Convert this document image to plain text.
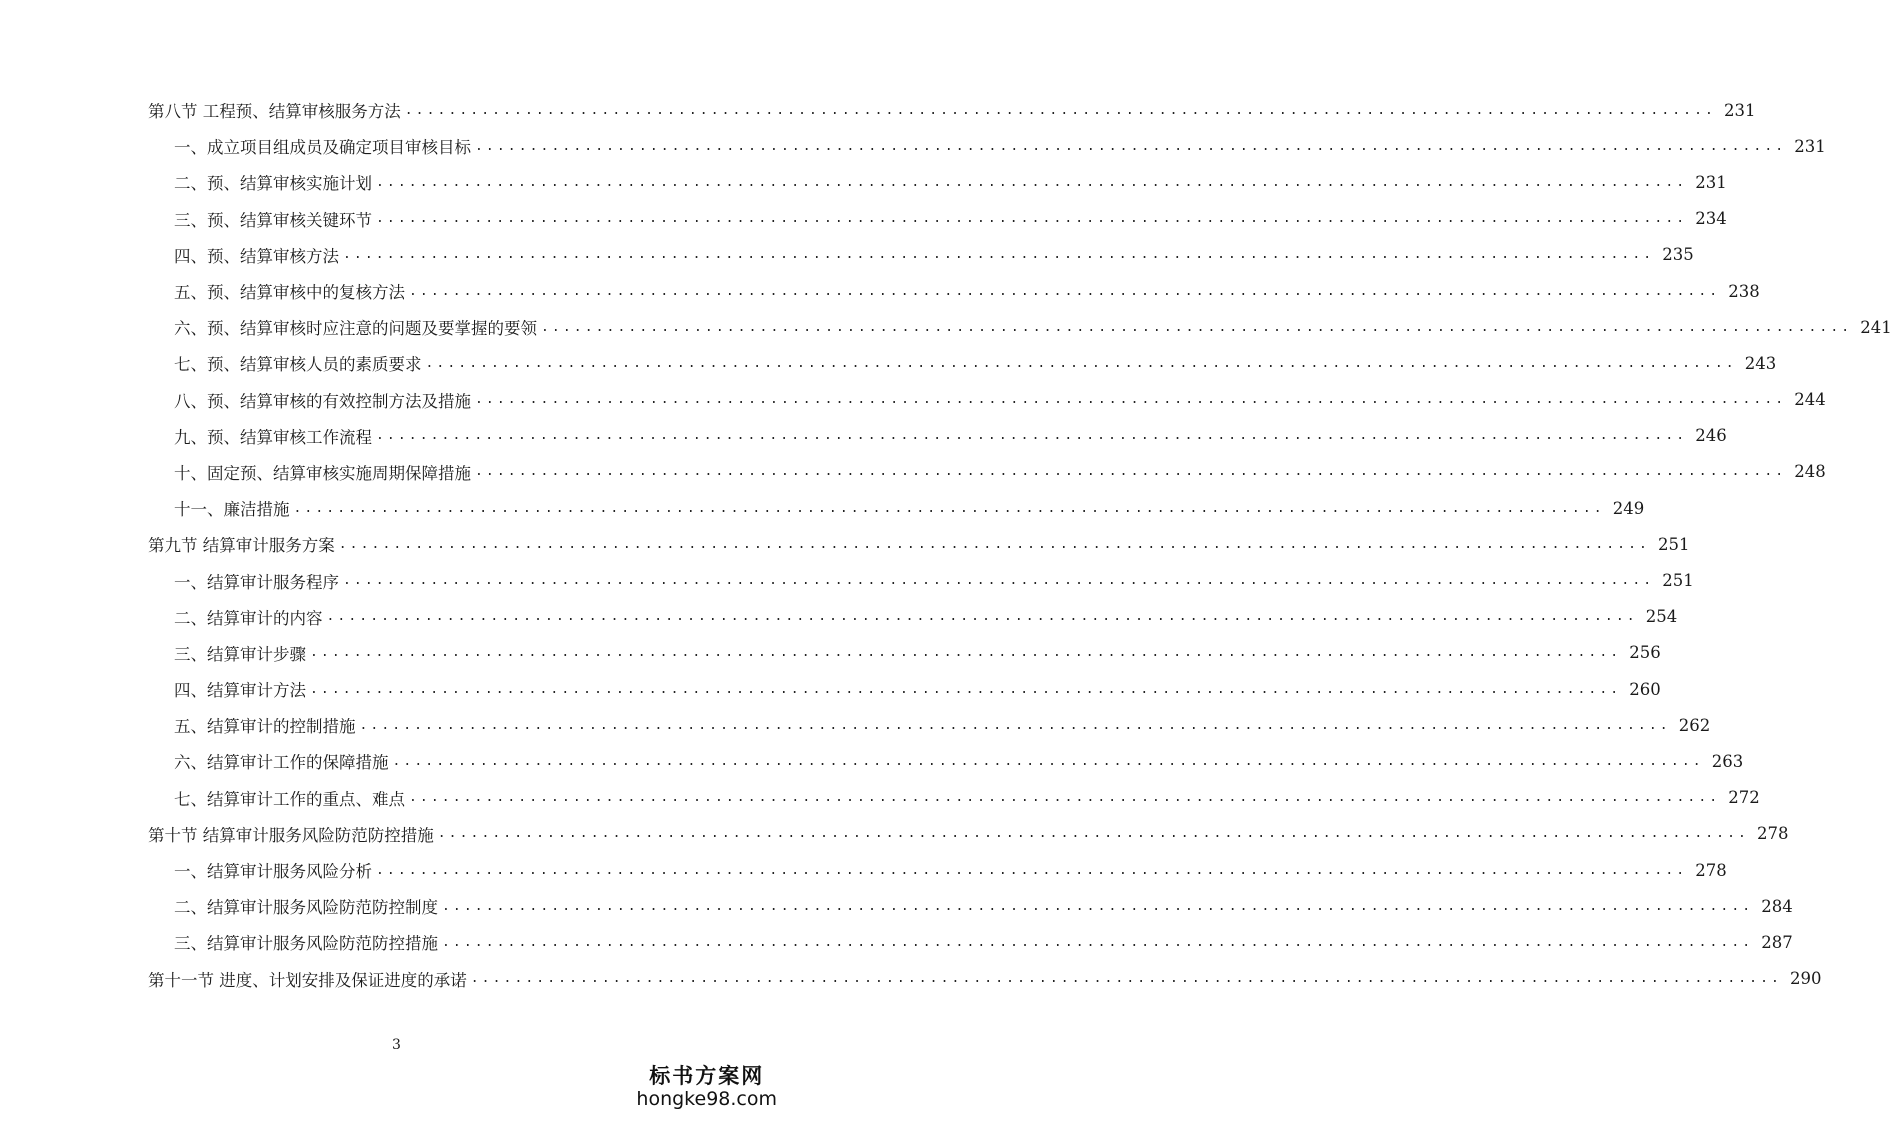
第八节 工程预、结算审核服务方法 ........................................................................................................................ 231
一、成立项目组成员及确定项目审核目标 ........................................................................................................................ 231
二、预、结算审核实施计划 ........................................................................................................................ 231
三、预、结算审核关键环节 ........................................................................................................................ 234
四、预、结算审核方法 ........................................................................................................................ 235
五、预、结算审核中的复核方法 ........................................................................................................................ 238
六、预、结算审核时应注意的问题及要掌握的要领 ........................................................................................................................ 241
七、预、结算审核人员的素质要求 ........................................................................................................................ 243
八、预、结算审核的有效控制方法及措施 ........................................................................................................................ 244
九、预、结算审核工作流程 ........................................................................................................................ 246
十、固定预、结算审核实施周期保障措施 ........................................................................................................................ 248
十一、廉洁措施 ........................................................................................................................ 249
第九节 结算审计服务方案 ........................................................................................................................ 251
一、结算审计服务程序 ........................................................................................................................ 251
二、结算审计的内容 ........................................................................................................................ 254
三、结算审计步骤 ........................................................................................................................ 256
四、结算审计方法 ........................................................................................................................ 260
五、结算审计的控制措施 ........................................................................................................................ 262
六、结算审计工作的保障措施 ........................................................................................................................ 263
七、结算审计工作的重点、难点 ........................................................................................................................ 272
第十节 结算审计服务风险防范防控措施 ........................................................................................................................ 278
一、结算审计服务风险分析 ........................................................................................................................ 278
二、结算审计服务风险防范防控制度 ........................................................................................................................ 284
三、结算审计服务风险防范防控措施 ........................................................................................................................ 287
第十一节 进度、计划安排及保证进度的承诺 ........................................................................................................................ 290
3
标书方案网
hongke98.com
